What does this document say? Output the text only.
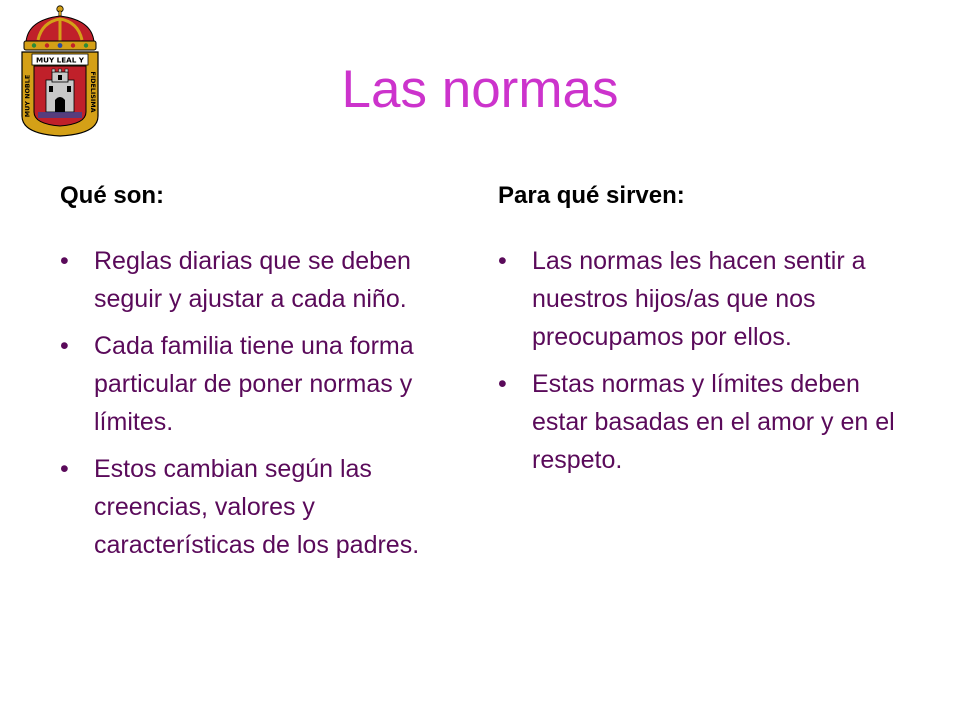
MUY LEAL Y
MUY NOBLE	FIDELISIMA	Las normas
Qué son:
• Reglas diarias que se deben seguir y ajustar a cada niño.
• Cada familia tiene una forma particular de poner normas y límites.
• Estos cambian según las creencias, valores y características de los padres.
Para qué sirven:
• Las normas les hacen sentir a nuestros hijos/as que nos preocupamos por ellos.
• Estas normas y límites deben estar basadas en el amor y en el respeto.
